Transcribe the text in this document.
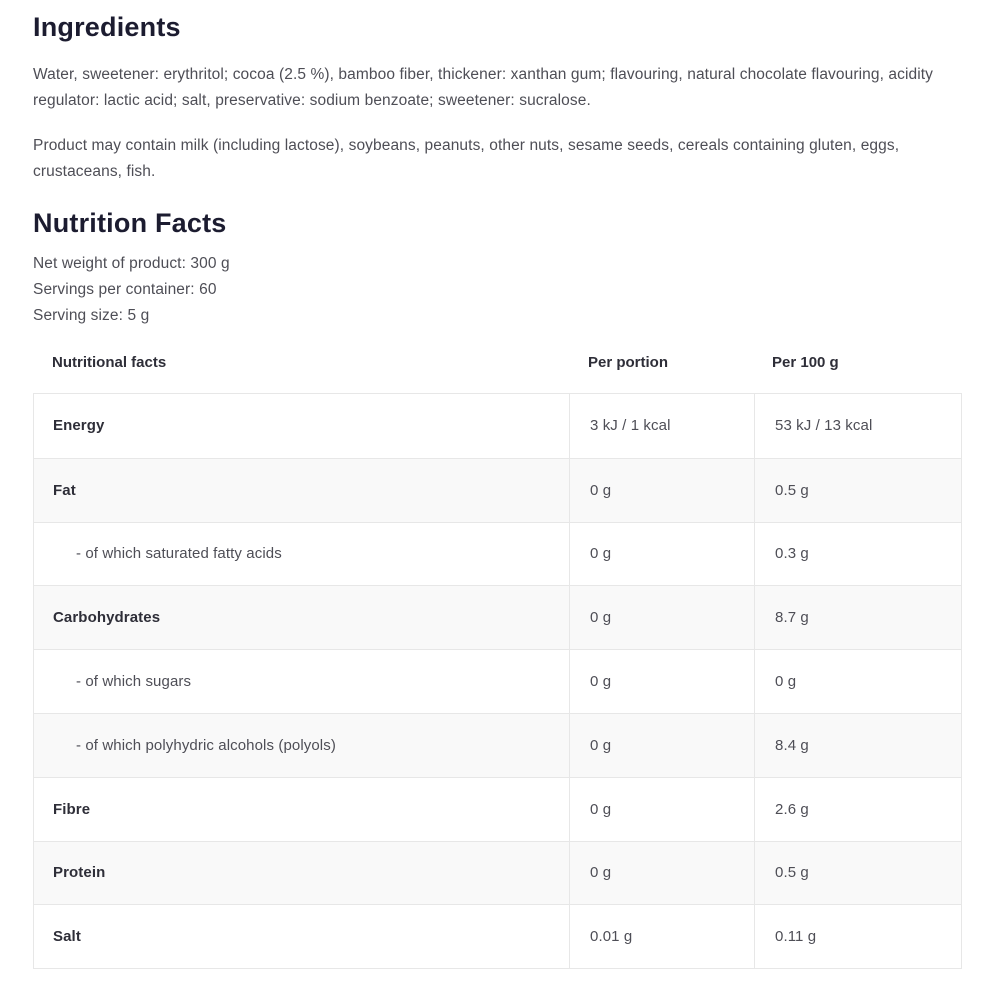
Ingredients

Water, sweetener: erythritol; cocoa (2.5 %), bamboo fiber, thickener: xanthan gum; flavouring, natural chocolate flavouring, acidity regulator: lactic acid; salt, preservative: sodium benzoate; sweetener: sucralose.

Product may contain milk (including lactose), soybeans, peanuts, other nuts, sesame seeds, cereals containing gluten, eggs, crustaceans, fish.

Nutrition Facts

Net weight of product: 300 g

Servings per container: 60

Serving size: 5 g

Nutritional facts	Per portion	Per 100 g
Energy	3 kJ / 1 kcal	53 kJ / 13 kcal
Fat	0 g	0.5 g
- of which saturated fatty acids	0 g	0.3 g
Carbohydrates	0 g	8.7 g
- of which sugars	0 g	0 g
- of which polyhydric alcohols (polyols)	0 g	8.4 g
Fibre	0 g	2.6 g
Protein	0 g	0.5 g
Salt	0.01 g	0.11 g
